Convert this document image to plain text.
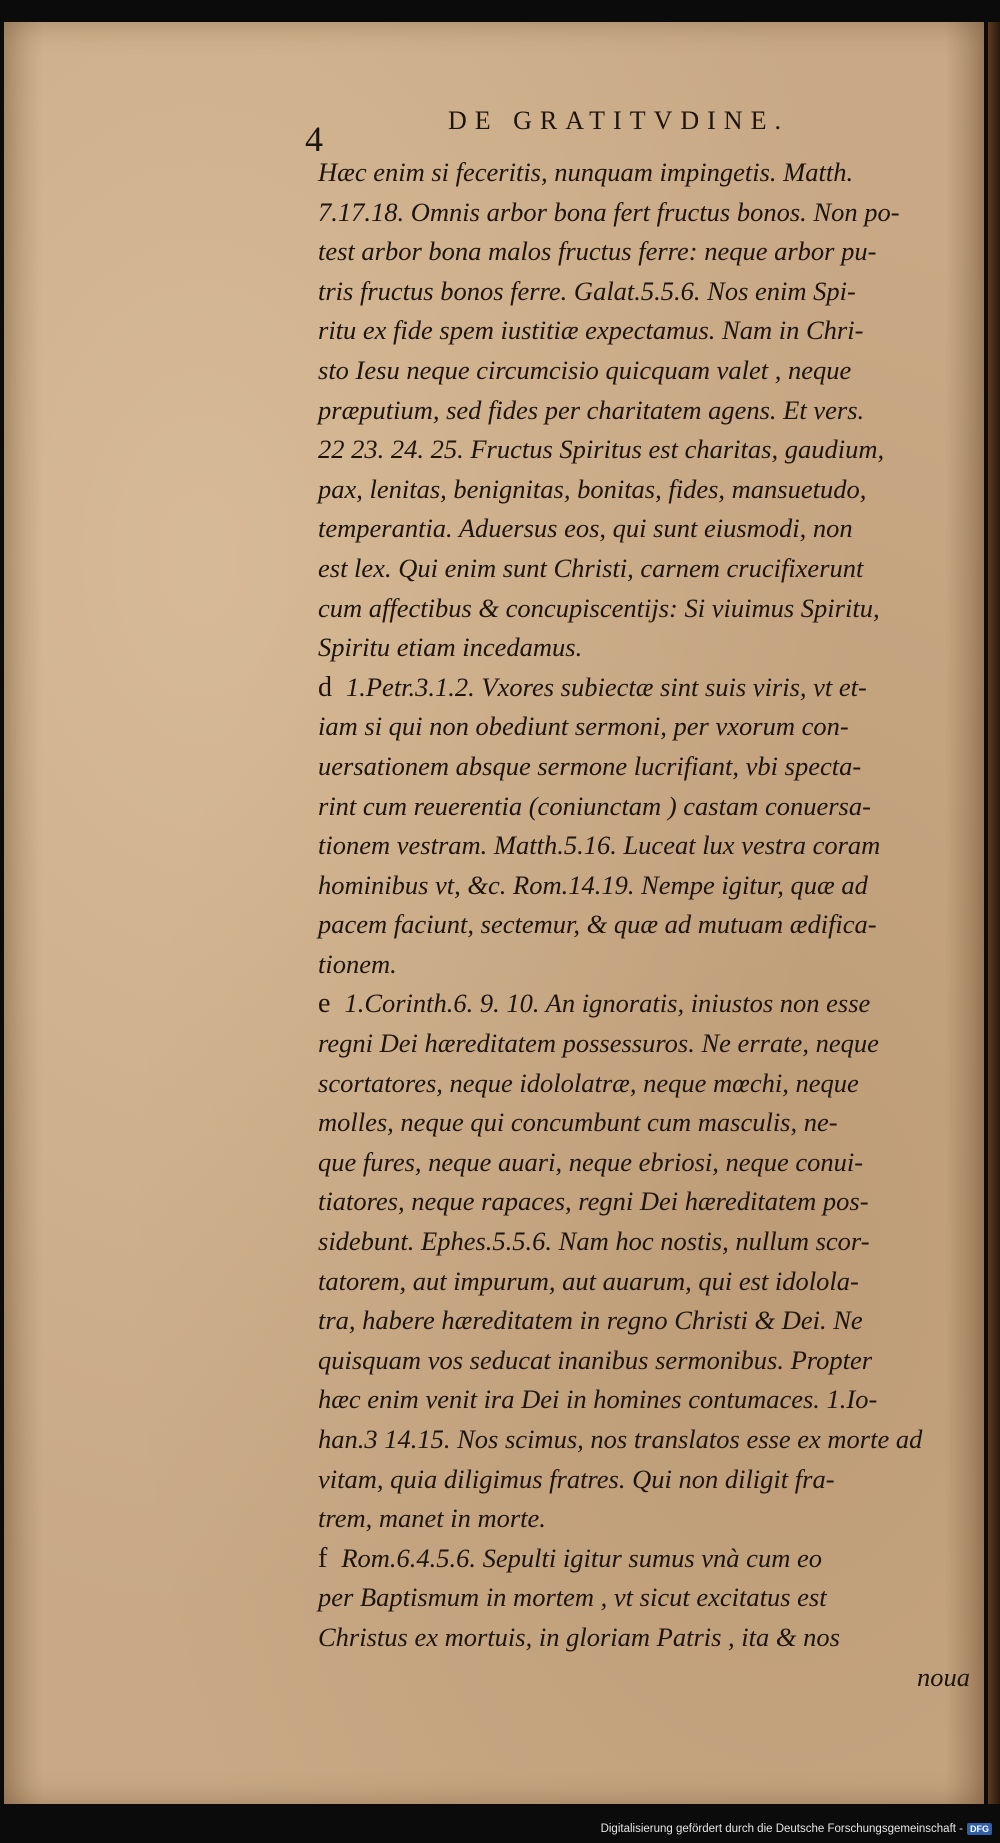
4	DE GRATITVDINE.
Hæc enim si feceritis, nunquam impingetis. Matth.
7.17.18. Omnis arbor bona fert fructus bonos. Non po-
test arbor bona malos fructus ferre: neque arbor pu-
tris fructus bonos ferre. Galat.5.5.6. Nos enim Spi-
ritu ex fide spem iustitiæ expectamus. Nam in Chri-
sto Iesu neque circumcisio quicquam valet , neque
præputium, sed fides per charitatem agens. Et vers.
22 23. 24. 25. Fructus Spiritus est charitas, gaudium,
pax, lenitas, benignitas, bonitas, fides, mansuetudo,
temperantia. Aduersus eos, qui sunt eiusmodi, non
est lex. Qui enim sunt Christi, carnem crucifixerunt
cum affectibus & concupiscentijs: Si viuimus Spiritu,
Spiritu etiam incedamus.
d 1.Petr.3.1.2. Vxores subiectæ sint suis viris, vt et-
iam si qui non obediunt sermoni, per vxorum con-
uersationem absque sermone lucrifiant, vbi specta-
rint cum reuerentia (coniunctam ) castam conuersa-
tionem vestram. Matth.5.16. Luceat lux vestra coram
hominibus vt, &c. Rom.14.19. Nempe igitur, quæ ad
pacem faciunt, sectemur, & quæ ad mutuam ædifica-
tionem.
e 1.Corinth.6. 9. 10. An ignoratis, iniustos non esse
regni Dei hæreditatem possessuros. Ne errate, neque
scortatores, neque idololatræ, neque mœchi, neque
molles, neque qui concumbunt cum masculis, ne-
que fures, neque auari, neque ebriosi, neque conui-
tiatores, neque rapaces, regni Dei hæreditatem pos-
sidebunt. Ephes.5.5.6. Nam hoc nostis, nullum scor-
tatorem, aut impurum, aut auarum, qui est idolola-
tra, habere hæreditatem in regno Christi & Dei. Ne
quisquam vos seducat inanibus sermonibus. Propter
hæc enim venit ira Dei in homines contumaces. 1.Io-
han.3 14.15. Nos scimus, nos translatos esse ex morte ad
vitam, quia diligimus fratres. Qui non diligit fra-
trem, manet in morte.
f Rom.6.4.5.6. Sepulti igitur sumus vnà cum eo
per Baptismum in mortem , vt sicut excitatus est
Christus ex mortuis, in gloriam Patris , ita & nos
noua
Digitalisierung gefördert durch die Deutsche Forschungsgemeinschaft - DFG
